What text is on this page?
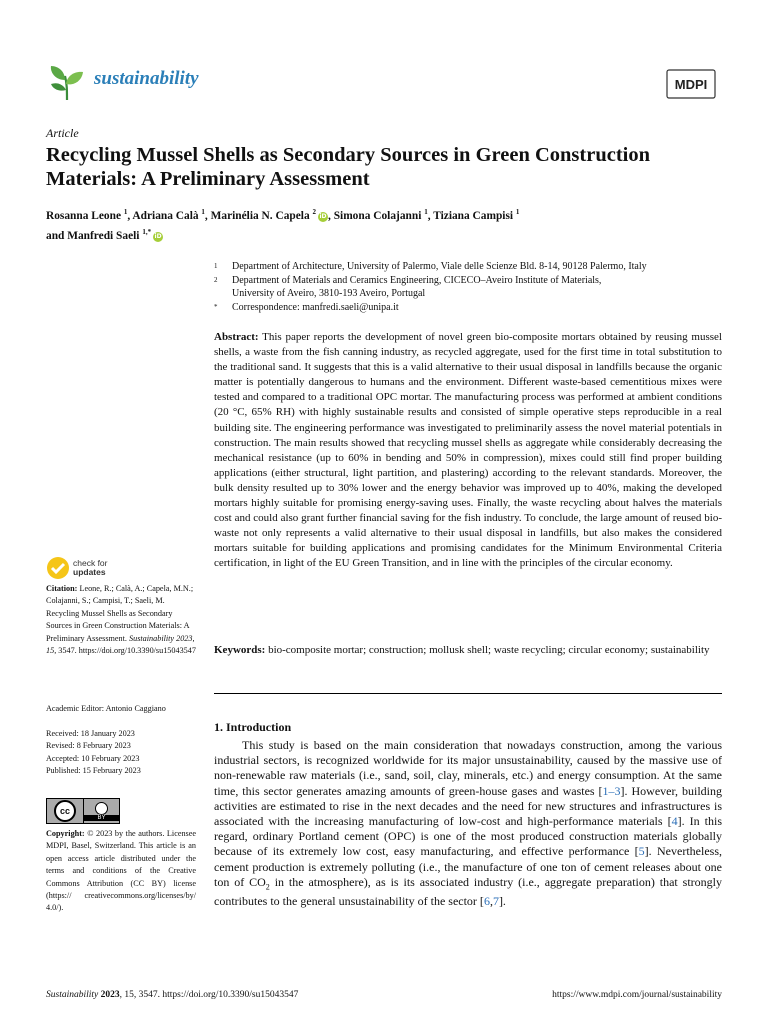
sustainability	MDPI
Article
Recycling Mussel Shells as Secondary Sources in Green Construction Materials: A Preliminary Assessment
Rosanna Leone $^1$, Adriana Calà $^1$, Marinélia N. Capela $^2$iD, Simona Colajanni $^1$, Tiziana Campisi $^1$
and Manfredi Saeli $^{1,*}$iD
1	Department of Architecture, University of Palermo, Viale delle Scienze Bld. 8-14, 90128 Palermo, Italy
2	Department of Materials and Ceramics Engineering, CICECO–Aveiro Institute of Materials,
University of Aveiro, 3810-193 Aveiro, Portugal
*	Correspondence: manfredi.saeli@unipa.it
Abstract: This paper reports the development of novel green bio-composite mortars obtained by reusing mussel shells, a waste from the fish canning industry, as recycled aggregate, used for the first time in total substitution to the traditional sand. It suggests that this is a valid alternative to their usual disposal in landfills because the organic matter is potentially dangerous to humans and the environment. Different waste-based cementitious mixes were tested and compared to a traditional OPC mortar. The manufacturing process was performed at ambient conditions (20 °C, 65% RH) with highly sustainable results and consisted of simple operative steps reproducible in a real building site. The engineering performance was investigated to preliminarily assess the novel material potentials in construction. The main results showed that recycling mussel shells as aggregate while considerably decreasing the mechanical resistance (up to 60% in bending and 50% in compression), mixes could still find proper building applications (either structural, light partition, and plastering) according to the relevant standards. Moreover, the bulk density resulted up to 30% lower and the energy behavior was improved up to 40%, making the developed mortars highly suitable for promising energy-saving uses. Finally, the waste recycling about halves the materials cost and could also grant further financial saving for the fish industry. To conclude, the large amount of reused bio-waste not only represents a valid alternative to their usual disposal in landfills, but also makes the considered mortars suitable for building applications and promising candidates for the Minimum Environmental Criteria certification, in light of the EU Green Transition, and in line with the principles of the circular economy.
Keywords: bio-composite mortar; construction; mollusk shell; waste recycling; circular economy; sustainability
1. Introduction

This study is based on the main consideration that nowadays construction, among the various industrial sectors, is recognized worldwide for its major unsustainability, caused by the massive use of non-renewable raw materials (i.e., sand, soil, clay, minerals, etc.) and energy consumption. At the same time, this sector generates amazing amounts of green-house gases and wastes [1–3]. However, building activities are estimated to rise in the next decades and the need for new structures and infrastructures is associated with the increasing manufacturing of low-cost and high-performance materials [4]. In this regard, ordinary Portland cement (OPC) is one of the most produced construction materials globally because of its extremely low cost, easy manufacturing, and effective performance [5]. Nevertheless, cement production is extremely polluting (i.e., the manufacture of one ton of cement releases about one ton of $CO_2$ in the atmosphere), as is its associated industry (i.e., aggregate preparation) that strongly contributes to the general unsustainability of the sector [6,7].

check for
updates
Citation: Leone, R.; Calà, A.; Capela, M.N.; Colajanni, S.; Campisi, T.; Saeli, M. Recycling Mussel Shells as Secondary Sources in Green Construction Materials: A Preliminary Assessment. Sustainability 2023, 15, 3547. https://doi.org/10.3390/su15043547
Academic Editor: Antonio Caggiano
Received: 18 January 2023
Revised: 8 February 2023
Accepted: 10 February 2023
Published: 15 February 2023
cc
BY
Copyright: © 2023 by the authors. Licensee MDPI, Basel, Switzerland. This article is an open access article distributed under the terms and conditions of the Creative Commons Attribution (CC BY) license (https:// creativecommons.org/licenses/by/ 4.0/).
Sustainability 2023, 15, 3547. https://doi.org/10.3390/su15043547	https://www.mdpi.com/journal/sustainability
